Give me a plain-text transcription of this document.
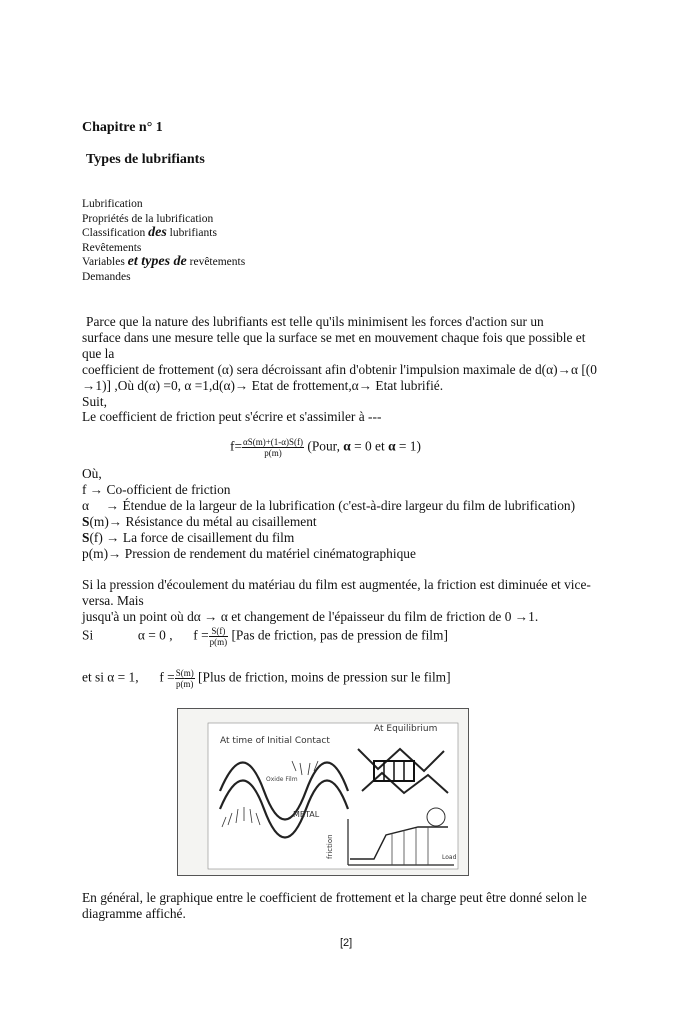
Chapitre n° 1
Types de lubrifiants
Lubrification
Propriétés de la lubrification
Classification des lubrifiants
Revêtements
Variables et types de revêtements
Demandes
Parce que la nature des lubrifiants est telle qu'ils minimisent les forces d'action sur un
surface dans une mesure telle que la surface se met en mouvement chaque fois que possible et
que la
coefficient de frottement (α) sera décroissant afin d'obtenir l'impulsion maximale de d(α)→α [(0
→1)] ,Où d(α) =0, α =1,d(α)→ Etat de frottement,α→ Etat lubrifié.
Suit,
Le coefficient de friction peut s'écrire et s'assimiler à ---
$f= \frac{\alpha S(m)+(1-\alpha)S(f)}{p(m)}$ (Pour, α = 0 et α = 1)
Où,
f → Co-officient de friction
α     → Étendue de la largeur de la lubrification (c'est-à-dire largeur du film de lubrification)
S(m)→ Résistance du métal au cisaillement
S(f) → La force de cisaillement du film
p(m)→ Pression de rendement du matériel cinématographique
Si la pression d'écoulement du matériau du film est augmentée, la friction est diminuée et vice-
versa. Mais
jusqu'à un point où dα → α et changement de l'épaisseur du film de friction de 0 →1.
Si	α = 0 , $f = \frac{S(f)}{p(m)} [Pas$ de friction, pas de pression de film]
et si α = 1, $f = \frac{S(m)}{p(m)}$ [Plus de friction, moins de pression sur le film]
At time of Initial Contact
METAL
Oxide Film
At Equilibrium
friction	Load
En général, le graphique entre le coefficient de frottement et la charge peut être donné selon le
diagramme affiché.
[2]
